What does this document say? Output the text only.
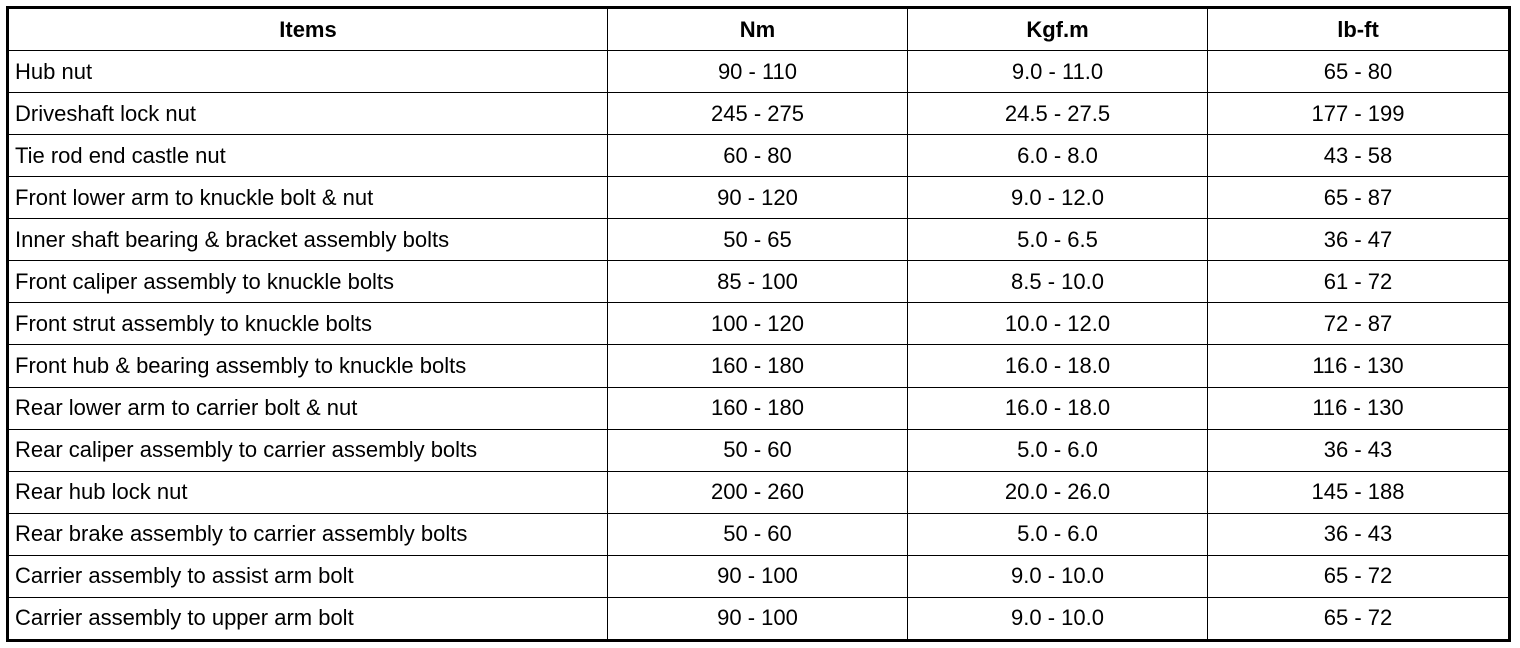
Items	Nm	Kgf.m	lb-ft
Hub nut	90 - 110	9.0 - 11.0	65 - 80
Driveshaft lock nut	245 - 275	24.5 - 27.5	177 - 199
Tie rod end castle nut	60 - 80	6.0 - 8.0	43 - 58
Front lower arm to knuckle bolt & nut	90 - 120	9.0 - 12.0	65 - 87
Inner shaft bearing & bracket assembly bolts	50 - 65	5.0 - 6.5	36 - 47
Front caliper assembly to knuckle bolts	85 - 100	8.5 - 10.0	61 - 72
Front strut assembly to knuckle bolts	100 - 120	10.0 - 12.0	72 - 87
Front hub & bearing assembly to knuckle bolts	160 - 180	16.0 - 18.0	116 - 130
Rear lower arm to carrier bolt & nut	160 - 180	16.0 - 18.0	116 - 130
Rear caliper assembly to carrier assembly bolts	50 - 60	5.0 - 6.0	36 - 43
Rear hub lock nut	200 - 260	20.0 - 26.0	145 - 188
Rear brake assembly to carrier assembly bolts	50 - 60	5.0 - 6.0	36 - 43
Carrier assembly to assist arm bolt	90 - 100	9.0 - 10.0	65 - 72
Carrier assembly to upper arm bolt	90 - 100	9.0 - 10.0	65 - 72
